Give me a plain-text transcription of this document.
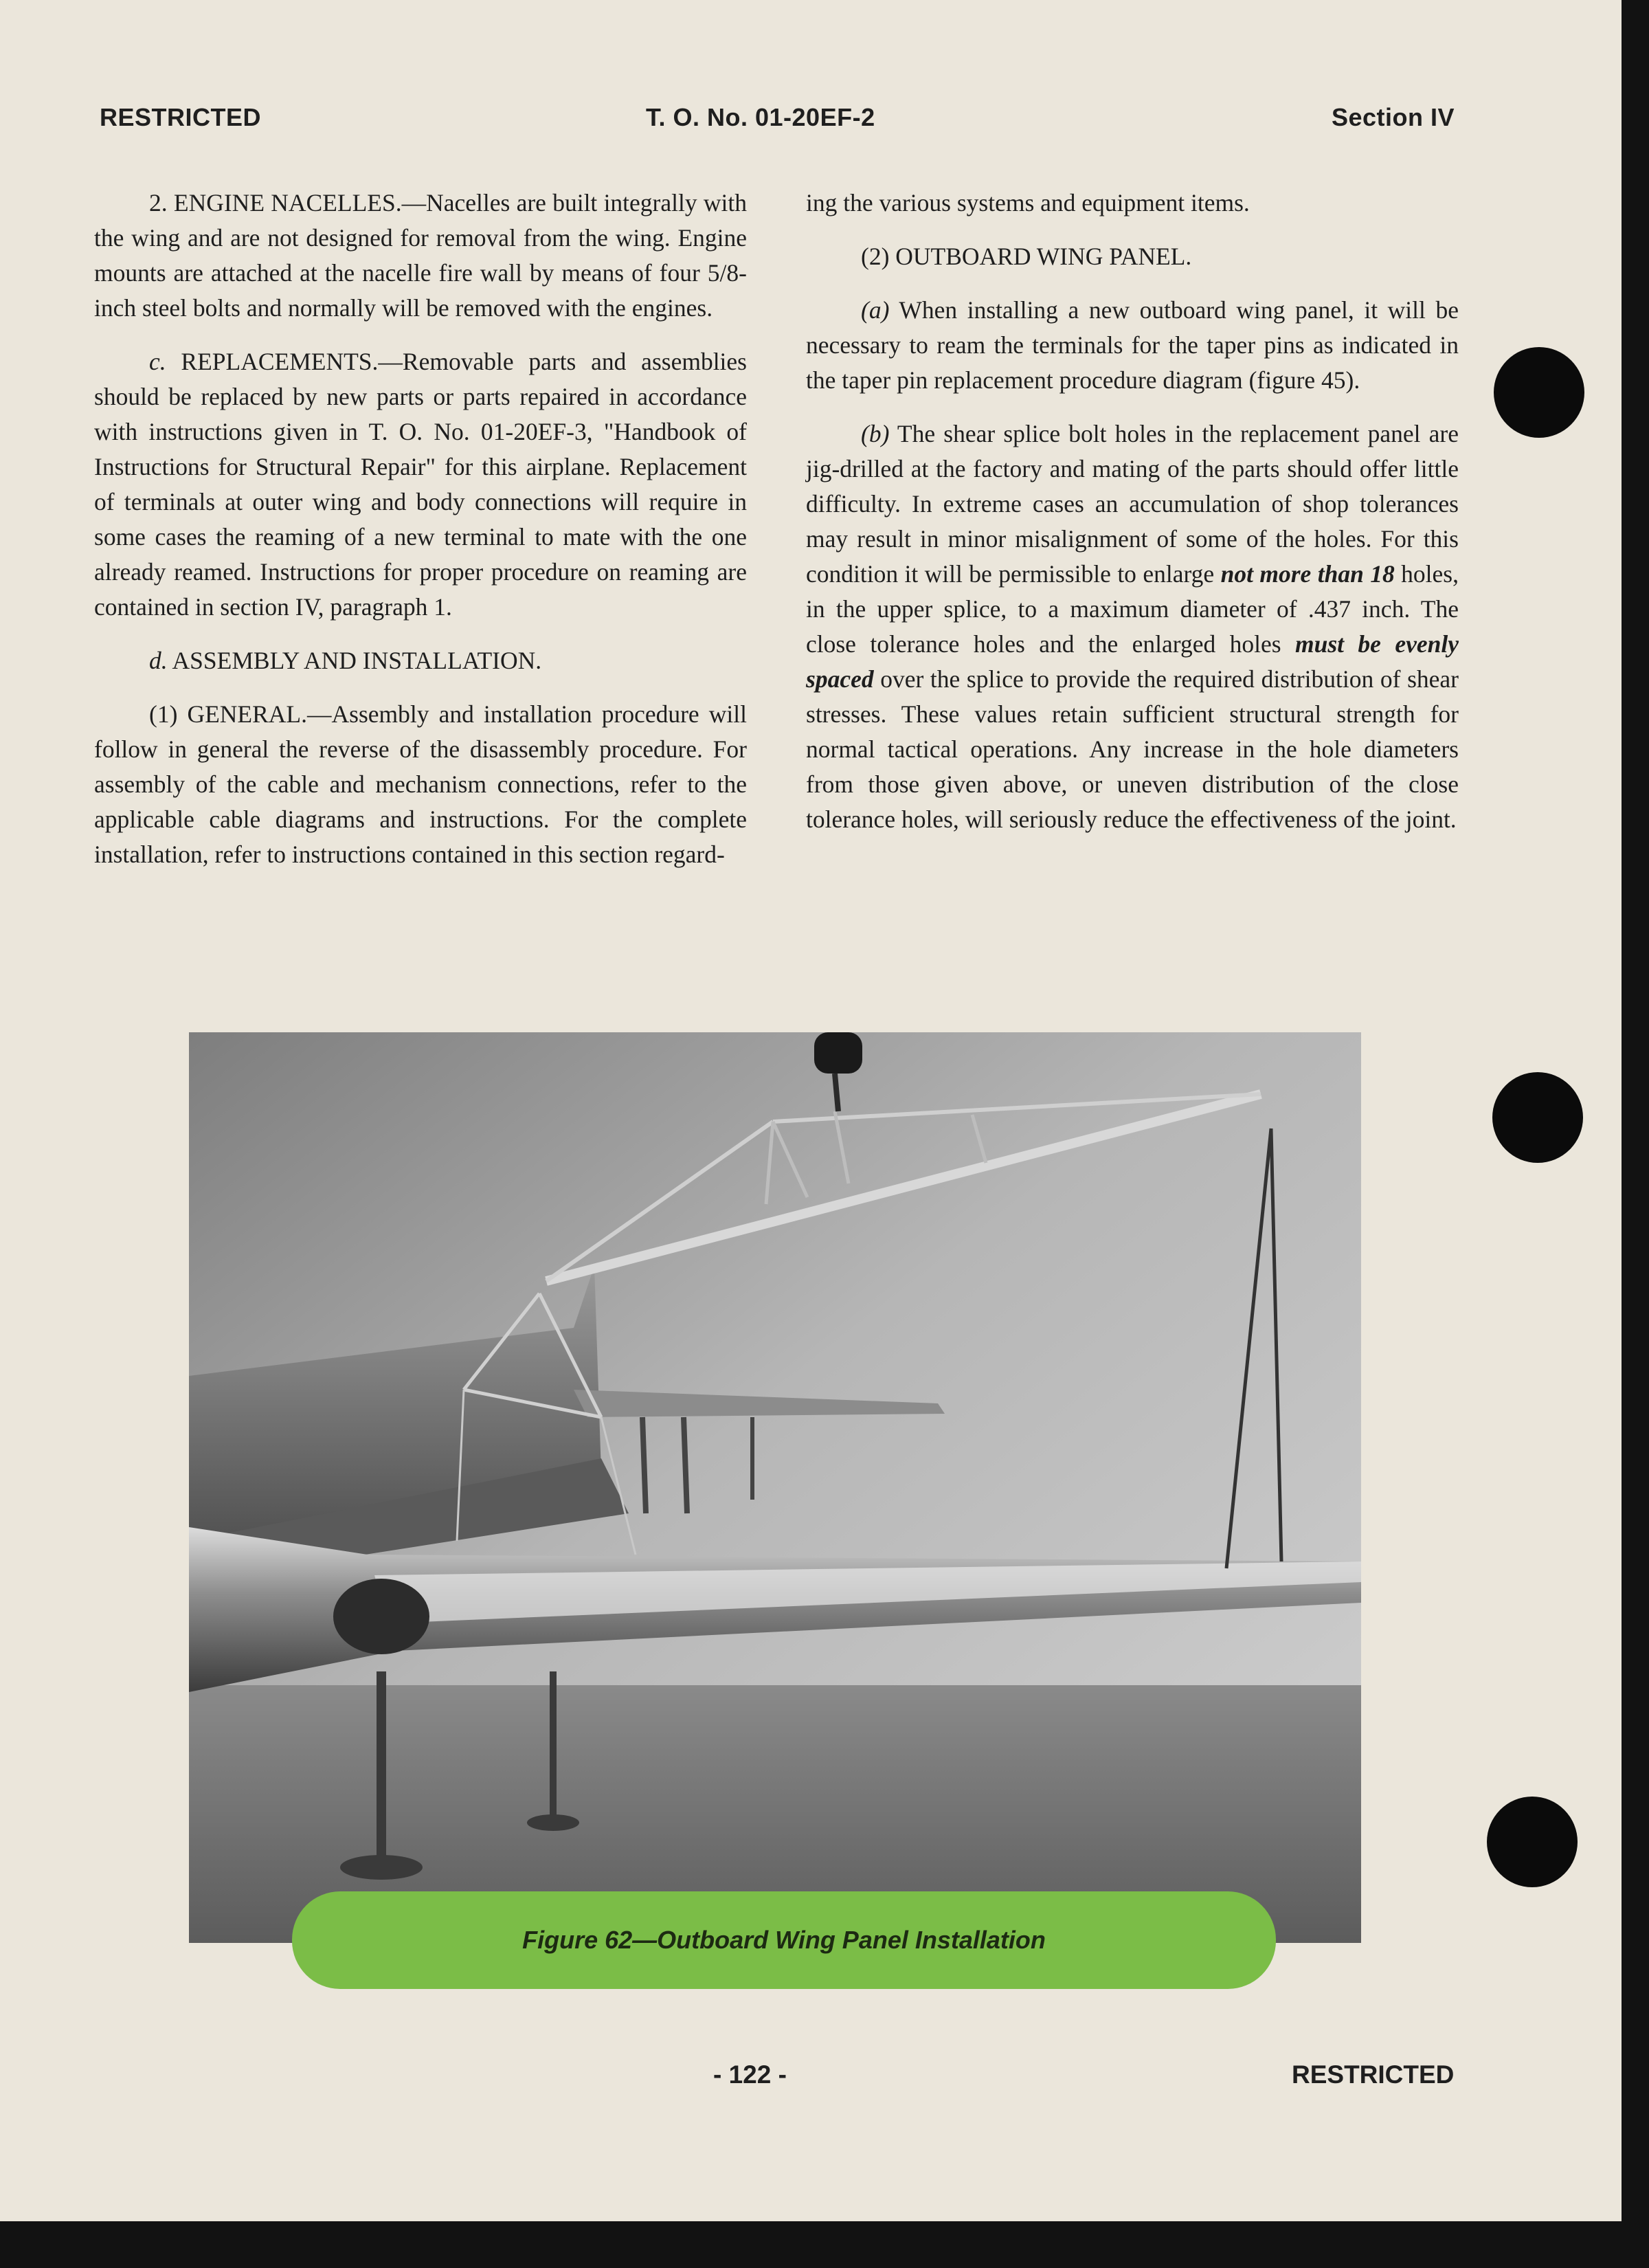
RESTRICTED	T. O. No. 01-20EF-2	Section IV

2. ENGINE NACELLES.—Nacelles are built integrally with the wing and are not designed for removal from the wing. Engine mounts are attached at the nacelle fire wall by means of four 5/8-inch steel bolts and normally will be removed with the engines.

c. REPLACEMENTS.—Removable parts and assemblies should be replaced by new parts or parts repaired in accordance with instructions given in T. O. No. 01-20EF-3, "Handbook of Instructions for Structural Repair" for this airplane. Replacement of terminals at outer wing and body connections will require in some cases the reaming of a new terminal to mate with the one already reamed. Instructions for proper procedure on reaming are contained in section IV, paragraph 1.

d. ASSEMBLY AND INSTALLATION.

(1) GENERAL.—Assembly and installation procedure will follow in general the reverse of the disassembly procedure. For assembly of the cable and mechanism connections, refer to the applicable cable diagrams and instructions. For the complete installation, refer to instructions contained in this section regard-

ing the various systems and equipment items.

(2) OUTBOARD WING PANEL.

(a) When installing a new outboard wing panel, it will be necessary to ream the terminals for the taper pins as indicated in the taper pin replacement procedure diagram (figure 45).

(b) The shear splice bolt holes in the replacement panel are jig-drilled at the factory and mating of the parts should offer little difficulty. In extreme cases an accumulation of shop tolerances may result in minor misalignment of some of the holes. For this condition it will be permissible to enlarge not more than 18 holes, in the upper splice, to a maximum diameter of .437 inch. The close tolerance holes and the enlarged holes must be evenly spaced over the splice to provide the required distribution of shear stresses. These values retain sufficient structural strength for normal tactical operations. Any increase in the hole diameters from those given above, or uneven distribution of the close tolerance holes, will seriously reduce the effectiveness of the joint.

Figure 62—Outboard Wing Panel Installation
- 122 -	RESTRICTED
